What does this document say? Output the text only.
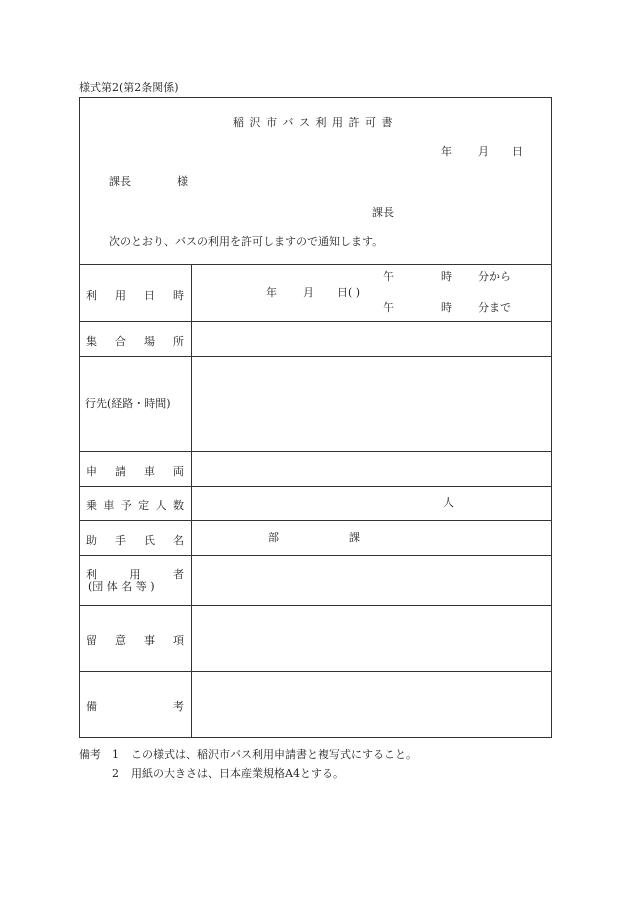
様式第2(第2条関係)
稲 沢 市 バ ス 利 用 許 可 書
年 月 日
課長	様
課長
次のとおり、バスの利用を許可しますので通知します。
利 用 日 時	年 月 日( )
午	時 分から
午	時 分まで
集 合 場 所
行先(経路・時間)
申 請 車 両
乗 車 予 定 人 数	人
助 手 氏 名	部	課
利	用	者
(団 体 名 等 )
留 意 事 項
備	考
備考 1 この様式は、稲沢市バス利用申請書と複写式にすること。
2 用紙の大きさは、日本産業規格A4とする。
